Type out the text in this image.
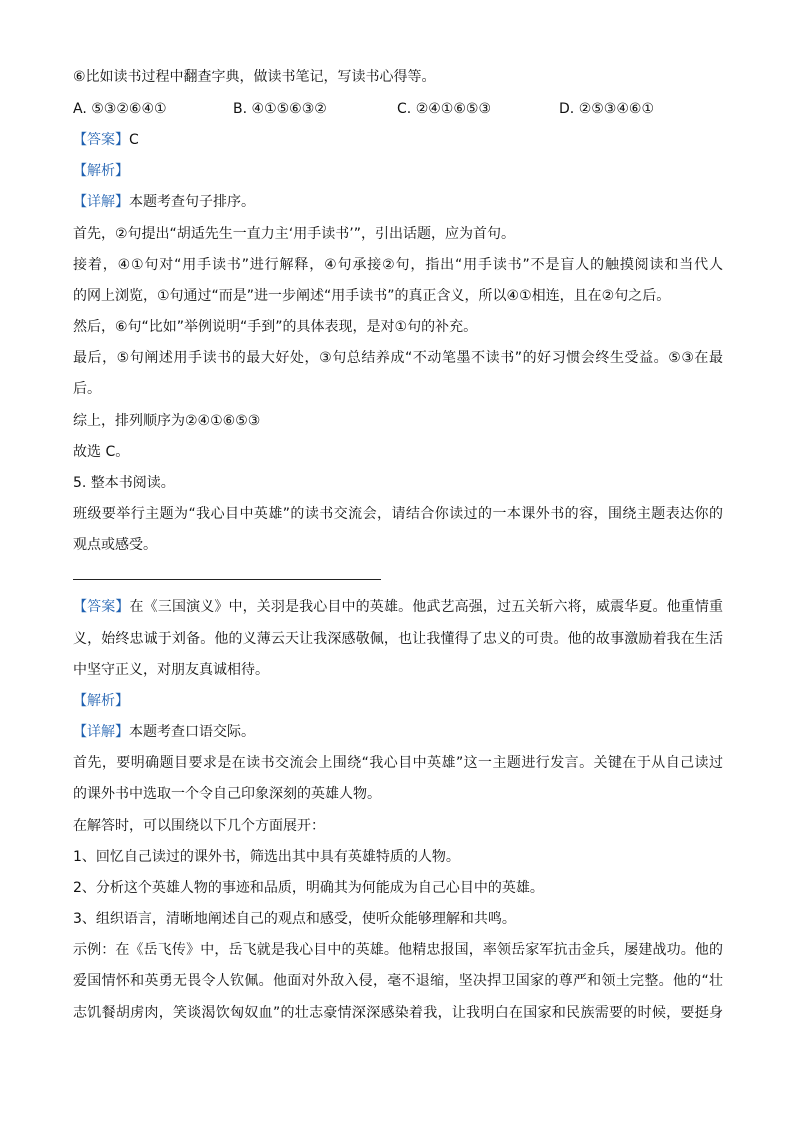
⑥比如读书过程中翻查字典，做读书笔记，写读书心得等。
A. ⑤③②⑥④①	B. ④①⑤⑥③②	C. ②④①⑥⑤③	D. ②⑤③④⑥①
【答案】C
【解析】
【详解】本题考查句子排序。
首先，②句提出“胡适先生一直力主‘用手读书’”，引出话题，应为首句。
接着，④①句对“用手读书”进行解释，④句承接②句，指出“用手读书”不是盲人的触摸阅读和当代人
的网上浏览，①句通过“而是”进一步阐述“用手读书”的真正含义，所以④①相连，且在②句之后。
然后，⑥句“比如”举例说明“手到”的具体表现，是对①句的补充。
最后，⑤句阐述用手读书的最大好处，③句总结养成“不动笔墨不读书”的好习惯会终生受益。⑤③在最
后。
综上，排列顺序为②④①⑥⑤③
故选 C。
5. 整本书阅读。
班级要举行主题为“我心目中英雄”的读书交流会，请结合你读过的一本课外书的容，围绕主题表达你的
观点或感受。
【答案】在《三国演义》中，关羽是我心目中的英雄。他武艺高强，过五关斩六将，威震华夏。他重情重
义，始终忠诚于刘备。他的义薄云天让我深感敬佩，也让我懂得了忠义的可贵。他的故事激励着我在生活
中坚守正义，对朋友真诚相待。
【解析】
【详解】本题考查口语交际。
首先，要明确题目要求是在读书交流会上围绕“我心目中英雄”这一主题进行发言。关键在于从自己读过
的课外书中选取一个令自己印象深刻的英雄人物。
在解答时，可以围绕以下几个方面展开：
1、回忆自己读过的课外书，筛选出其中具有英雄特质的人物。
2、分析这个英雄人物的事迹和品质，明确其为何能成为自己心目中的英雄。
3、组织语言，清晰地阐述自己的观点和感受，使听众能够理解和共鸣。
示例：在《岳飞传》中，岳飞就是我心目中的英雄。他精忠报国，率领岳家军抗击金兵，屡建战功。他的
爱国情怀和英勇无畏令人钦佩。他面对外敌入侵，毫不退缩，坚决捍卫国家的尊严和领土完整。他的“壮
志饥餐胡虏肉，笑谈渴饮匈奴血”的壮志豪情深深感染着我，让我明白在国家和民族需要的时候，要挺身
